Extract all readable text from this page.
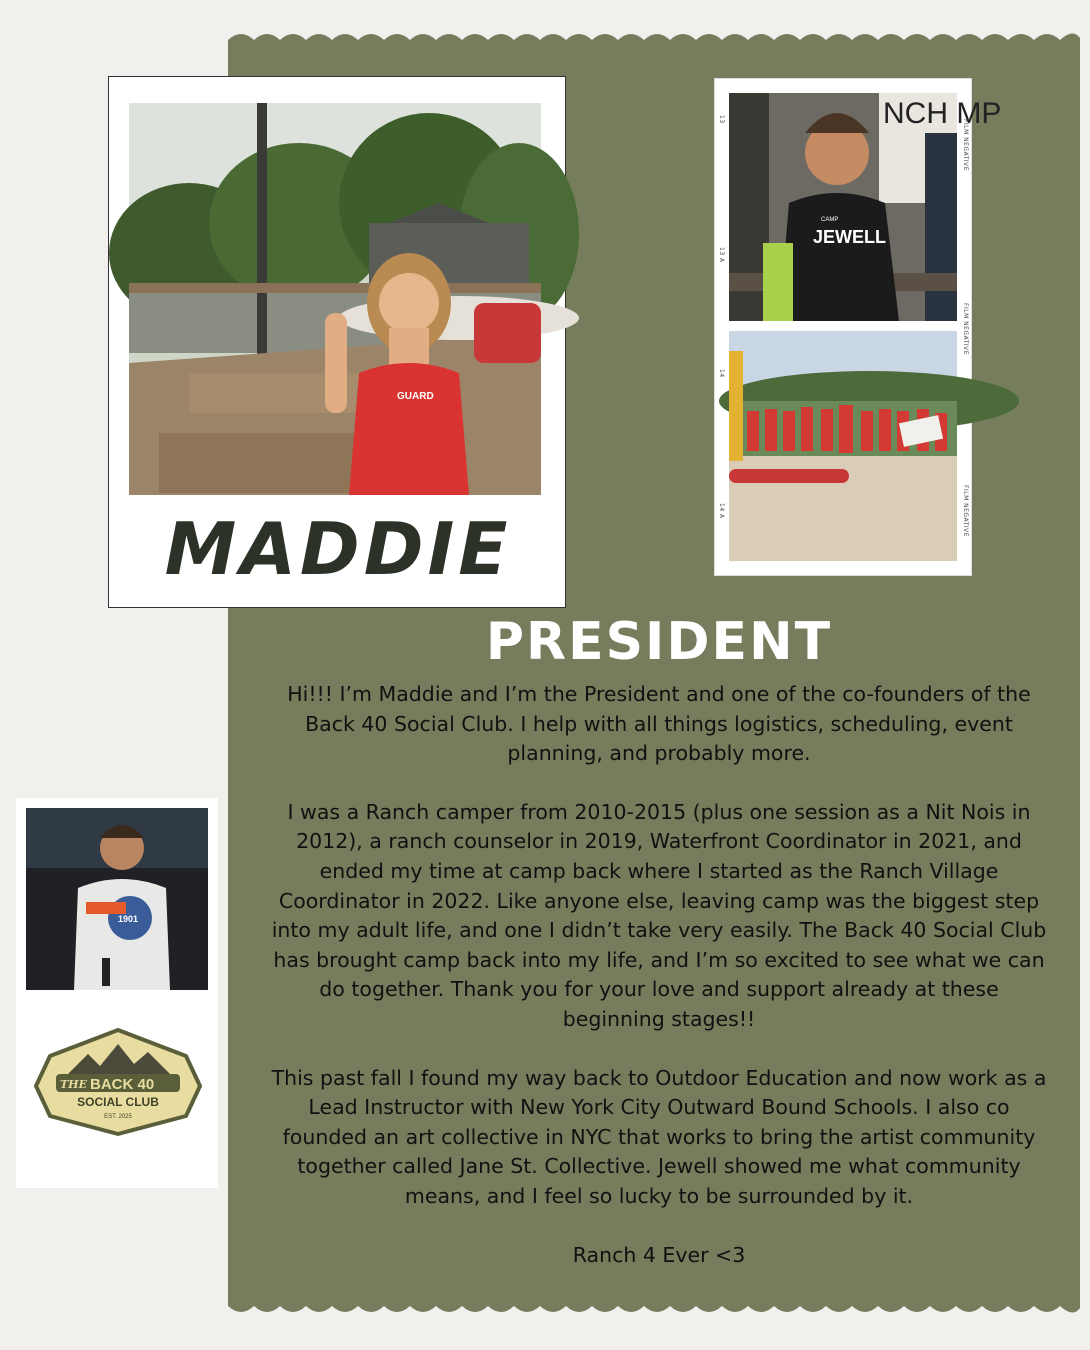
GUARD
MADDIE
13
13 A
14
14 A
FILM NEGATIVE
FILM NEGATIVE
FILM NEGATIVE
NCH MP
CAMP
JEWELL
1901
THE BACK 40
SOCIAL CLUB
EST. 2025
PRESIDENT

Hi!!! I’m Maddie and I’m the President and one of the co-founders of the Back 40 Social Club. I help with all things logistics, scheduling, event planning, and probably more.

I was a Ranch camper from 2010-2015 (plus one session as a Nit Nois in 2012), a ranch counselor in 2019, Waterfront Coordinator in 2021, and ended my time at camp back where I started as the Ranch Village Coordinator in 2022. Like anyone else, leaving camp was the biggest step into my adult life, and one I didn’t take very easily. The Back 40 Social Club has brought camp back into my life, and I’m so excited to see what we can do together. Thank you for your love and support already at these beginning stages!!

This past fall I found my way back to Outdoor Education and now work as a Lead Instructor with New York City Outward Bound Schools. I also co founded an art collective in NYC that works to bring the artist community together called Jane St. Collective. Jewell showed me what community means, and I feel so lucky to be surrounded by it.

Ranch 4 Ever <3
